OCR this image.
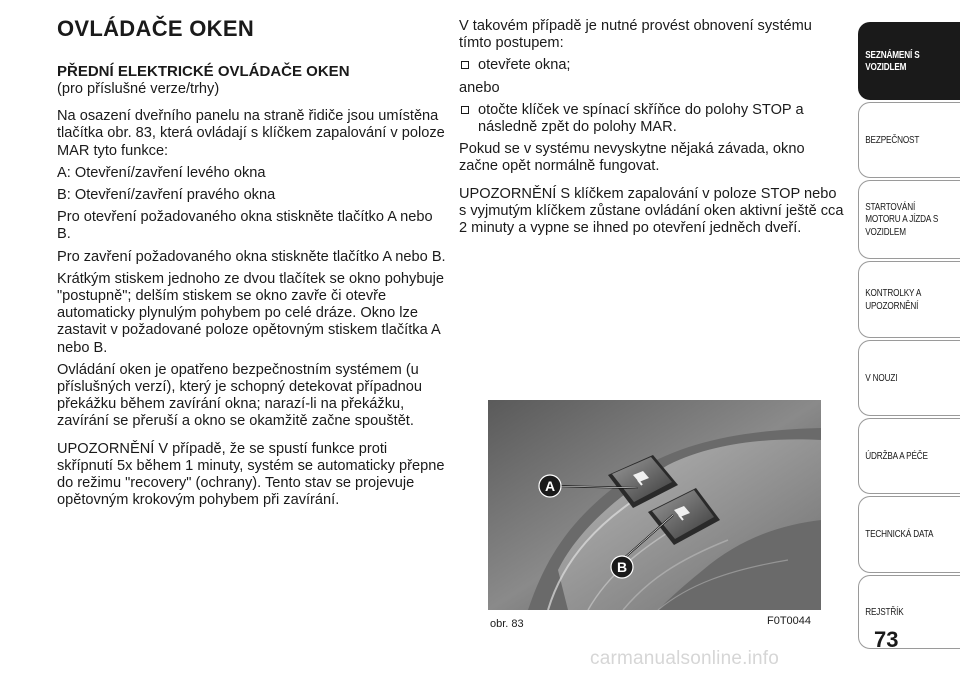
OVLÁDAČE OKEN
PŘEDNÍ ELEKTRICKÉ OVLÁDAČE OKEN

(pro příslušné verze/trhy)

Na osazení dveřního panelu na straně řidiče jsou umístěna tlačítka obr. 83, která ovládají s klíčkem zapalování v poloze MAR tyto funkce:

A: Otevření/zavření levého okna

B: Otevření/zavření pravého okna

Pro otevření požadovaného okna stiskněte tlačítko A nebo B.

Pro zavření požadovaného okna stiskněte tlačítko A nebo B.

Krátkým stiskem jednoho ze dvou tlačítek se okno pohybuje "postupně"; delším stiskem se okno zavře či otevře automaticky plynulým pohybem po celé dráze. Okno lze zastavit v požadované poloze opětovným stiskem tlačítka A nebo B.

Ovládání oken je opatřeno bezpečnostním systémem (u příslušných verzí), který je schopný detekovat případnou překážku během zavírání okna; narazí-li na překážku, zavírání se přeruší a okno se okamžitě začne spouštět.

UPOZORNĚNÍ V případě, že se spustí funkce proti skřípnutí 5x během 1 minuty, systém se automaticky přepne do režimu "recovery" (ochrany). Tento stav se projevuje opětovným krokovým pohybem při zavírání.

V takovém případě je nutné provést obnovení systému tímto postupem:

otevřete okna;

anebo

otočte klíček ve spínací skříňce do polohy STOP a následně zpět do polohy MAR.

Pokud se v systému nevyskytne nějaká závada, okno začne opět normálně fungovat.

UPOZORNĚNÍ S klíčkem zapalování v poloze STOP nebo s vyjmutým klíčkem zůstane ovládání oken aktivní ještě cca 2 minuty a vypne se ihned po otevření jedněch dveří.

A
B
obr. 83	F0T0044
SEZNÁMENÍ S
VOZIDLEM
BEZPEČNOST
STARTOVÁNÍ
MOTORU A JÍZDA S
VOZIDLEM
KONTROLKY A
UPOZORNĚNÍ
V NOUZI
ÚDRŽBA A PÉČE
TECHNICKÁ DATA
REJSTŘÍK
73
carmanualsonline.info
